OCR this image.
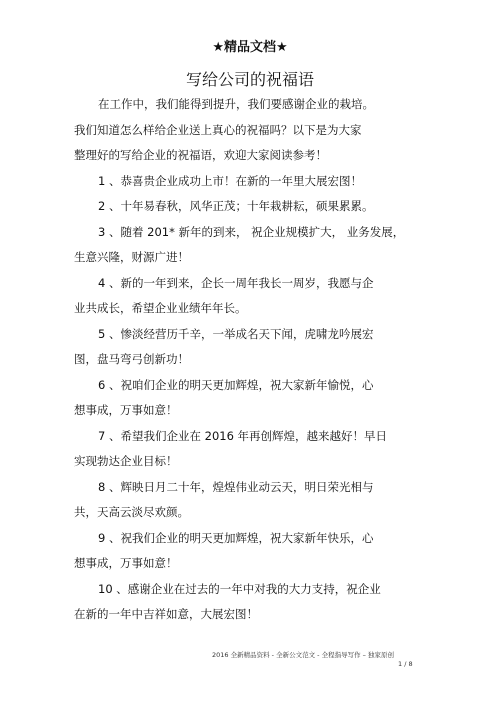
★精品文档★
写给公司的祝福语
在工作中，我们能得到提升，我们要感谢企业的栽培。
我们知道怎么样给企业送上真心的祝福吗？以下是为大家
整理好的写给企业的祝福语，欢迎大家阅读参考！
1 、恭喜贵企业成功上市！在新的一年里大展宏图！
2 、十年易春秋，风华正茂；十年栽耕耘，硕果累累。
3 、随着 201* 新年的到来， 祝企业规模扩大， 业务发展，
生意兴隆，财源广进！
4 、新的一年到来，企长一周年我长一周岁，我愿与企
业共成长，希望企业业绩年年长。
5 、惨淡经营历千辛，一举成名天下闻，虎啸龙吟展宏
图，盘马弯弓创新功！
6 、祝咱们企业的明天更加辉煌，祝大家新年愉悦，心
想事成，万事如意！
7 、希望我们企业在 2016 年再创辉煌，越来越好！早日
实现勃达企业目标！
8 、辉映日月二十年，煌煌伟业动云天，明日荣光相与
共，天高云淡尽欢颜。
9 、祝我们企业的明天更加辉煌，祝大家新年快乐，心
想事成，万事如意！
10 、感谢企业在过去的一年中对我的大力支持，祝企业
在新的一年中吉祥如意，大展宏图！
2016 全新精品资料 - 全新公文范文 - 全程指导写作 – 独家原创
1 / 8
